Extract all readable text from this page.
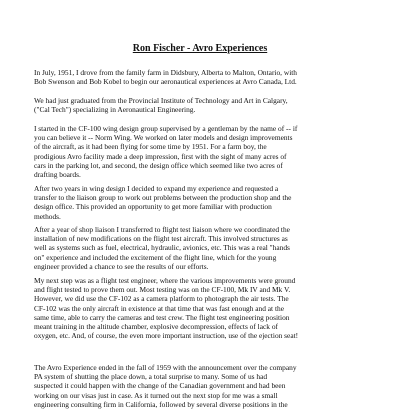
Ron Fischer - Avro Experiences

In July, 1951, I drove from the family farm in Didsbury, Alberta to Malton, Ontario, with
Bob Swenson and Bob Kobel to begin our aeronautical experiences at Avro Canada, Ltd.

We had just graduated from the Provincial Institute of Technology and Art in Calgary,
("Cal Tech") specializing in Aeronautical Engineering.

I started in the CF-100 wing design group supervised by a gentleman by the name of -- if
you can believe it -- Norm Wing. We worked on later models and design improvements
of the aircraft, as it had been flying for some time by 1951. For a farm boy, the
prodigious Avro facility made a deep impression, first with the sight of many acres of
cars in the parking lot, and second, the design office which seemed like two acres of
drafting boards.

After two years in wing design I decided to expand my experience and requested a
transfer to the liaison group to work out problems between the production shop and the
design office. This provided an opportunity to get more familiar with production
methods.

After a year of shop liaison I transferred to flight test liaison where we coordinated the
installation of new modifications on the flight test aircraft. This involved structures as
well as systems such as fuel, electrical, hydraulic, avionics, etc. This was a real "hands
on" experience and included the excitement of the flight line, which for the young
engineer provided a chance to see the results of our efforts.

My next step was as a flight test engineer, where the various improvements were ground
and flight tested to prove them out. Most testing was on the CF-100, Mk IV and Mk V.
However, we did use the CF-102 as a camera platform to photograph the air tests. The
CF-102 was the only aircraft in existence at that time that was fast enough and at the
same time, able to carry the cameras and test crew. The flight test engineering position
meant training in the altitude chamber, explosive decompression, effects of lack of
oxygen, etc. And, of course, the even more important instruction, use of the ejection seat!

The Avro Experience ended in the fall of 1959 with the announcement over the company
PA system of shutting the place down, a total surprise to many. Some of us had
suspected it could happen with the change of the Canadian government and had been
working on our visas just in case. As it turned out the next stop for me was a small
engineering consulting firm in California, followed by several diverse positions in the
